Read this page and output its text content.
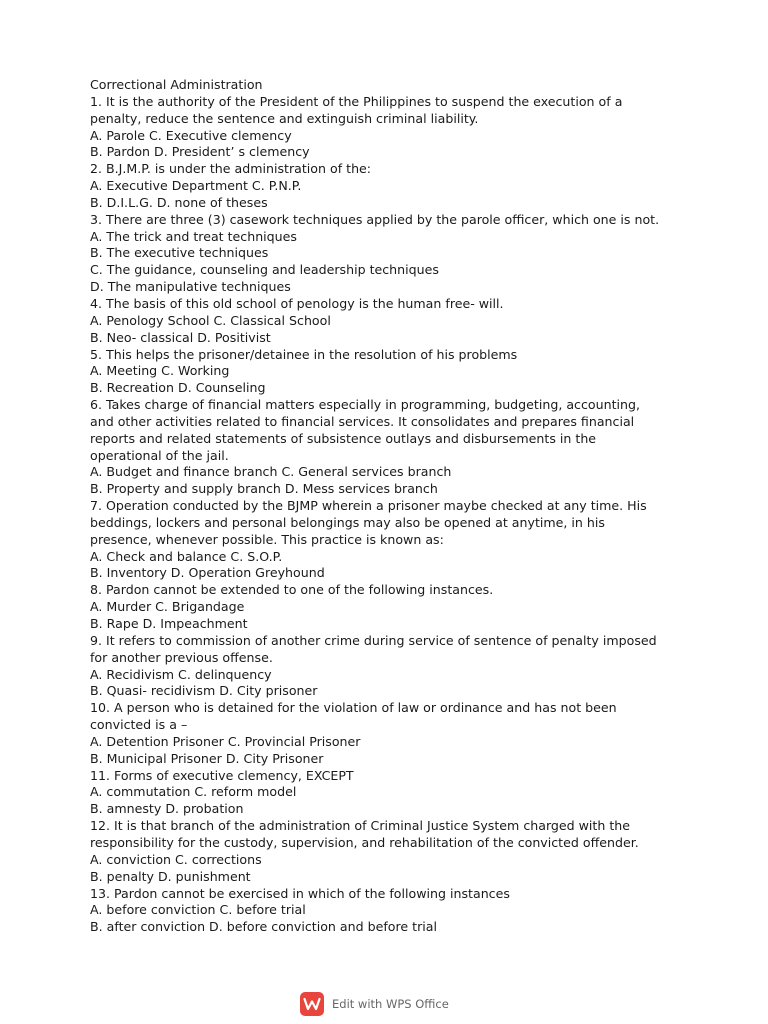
Correctional Administration
1. It is the authority of the President of the Philippines to suspend the execution of a
penalty, reduce the sentence and extinguish criminal liability.
A. Parole C. Executive clemency
B. Pardon D. President’ s clemency
2. B.J.M.P. is under the administration of the:
A. Executive Department C. P.N.P.
B. D.I.L.G. D. none of theses
3. There are three (3) casework techniques applied by the parole officer, which one is not.
A. The trick and treat techniques
B. The executive techniques
C. The guidance, counseling and leadership techniques
D. The manipulative techniques
4. The basis of this old school of penology is the human free- will.
A. Penology School C. Classical School
B. Neo- classical D. Positivist
5. This helps the prisoner/detainee in the resolution of his problems
A. Meeting C. Working
B. Recreation D. Counseling
6. Takes charge of financial matters especially in programming, budgeting, accounting,
and other activities related to financial services. It consolidates and prepares financial
reports and related statements of subsistence outlays and disbursements in the
operational of the jail.
A. Budget and finance branch C. General services branch
B. Property and supply branch D. Mess services branch
7. Operation conducted by the BJMP wherein a prisoner maybe checked at any time. His
beddings, lockers and personal belongings may also be opened at anytime, in his
presence, whenever possible. This practice is known as:
A. Check and balance C. S.O.P.
B. Inventory D. Operation Greyhound
8. Pardon cannot be extended to one of the following instances.
A. Murder C. Brigandage
B. Rape D. Impeachment
9. It refers to commission of another crime during service of sentence of penalty imposed
for another previous offense.
A. Recidivism C. delinquency
B. Quasi- recidivism D. City prisoner
10. A person who is detained for the violation of law or ordinance and has not been
convicted is a –
A. Detention Prisoner C. Provincial Prisoner
B. Municipal Prisoner D. City Prisoner
11. Forms of executive clemency, EXCEPT
A. commutation C. reform model
B. amnesty D. probation
12. It is that branch of the administration of Criminal Justice System charged with the
responsibility for the custody, supervision, and rehabilitation of the convicted offender.
A. conviction C. corrections
B. penalty D. punishment
13. Pardon cannot be exercised in which of the following instances
A. before conviction C. before trial
B. after conviction D. before conviction and before trial
Edit with WPS Office
